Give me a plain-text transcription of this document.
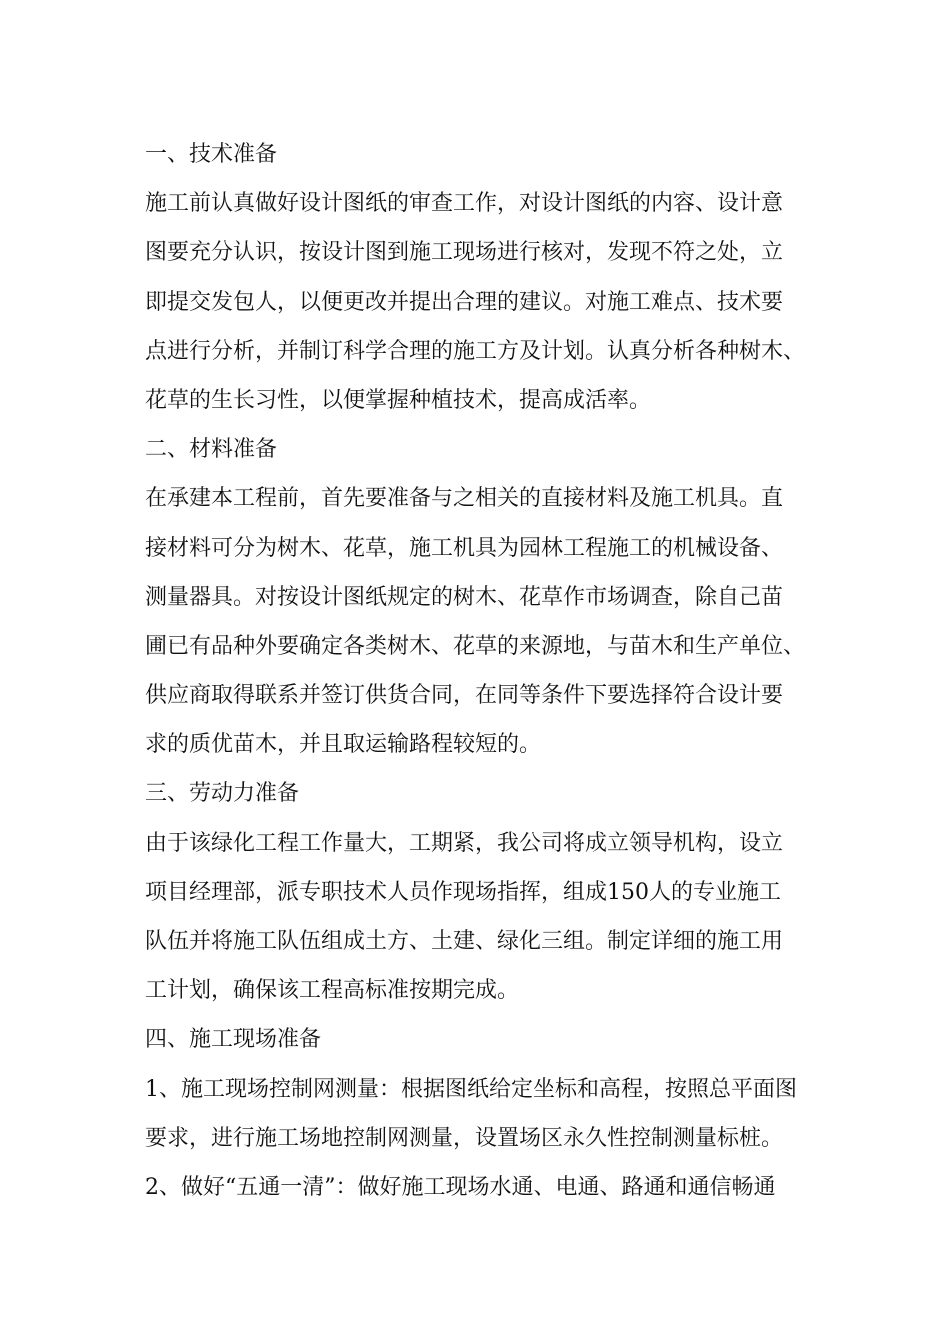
一、技术准备
施工前认真做好设计图纸的审查工作，对设计图纸的内容、设计意
图要充分认识，按设计图到施工现场进行核对，发现不符之处，立
即提交发包人，以便更改并提出合理的建议。对施工难点、技术要
点进行分析，并制订科学合理的施工方及计划。认真分析各种树木、
花草的生长习性，以便掌握种植技术，提高成活率。
二、材料准备
在承建本工程前，首先要准备与之相关的直接材料及施工机具。直
接材料可分为树木、花草，施工机具为园林工程施工的机械设备、
测量器具。对按设计图纸规定的树木、花草作市场调查，除自己苗
圃已有品种外要确定各类树木、花草的来源地，与苗木和生产单位、
供应商取得联系并签订供货合同，在同等条件下要选择符合设计要
求的质优苗木，并且取运输路程较短的。
三、劳动力准备
由于该绿化工程工作量大，工期紧，我公司将成立领导机构，设立
项目经理部，派专职技术人员作现场指挥，组成150人的专业施工
队伍并将施工队伍组成土方、土建、绿化三组。制定详细的施工用
工计划，确保该工程高标准按期完成。
四、施工现场准备
1、施工现场控制网测量：根据图纸给定坐标和高程，按照总平面图
要求，进行施工场地控制网测量，设置场区永久性控制测量标桩。
2、做好“五通一清”：做好施工现场水通、电通、路通和通信畅通
